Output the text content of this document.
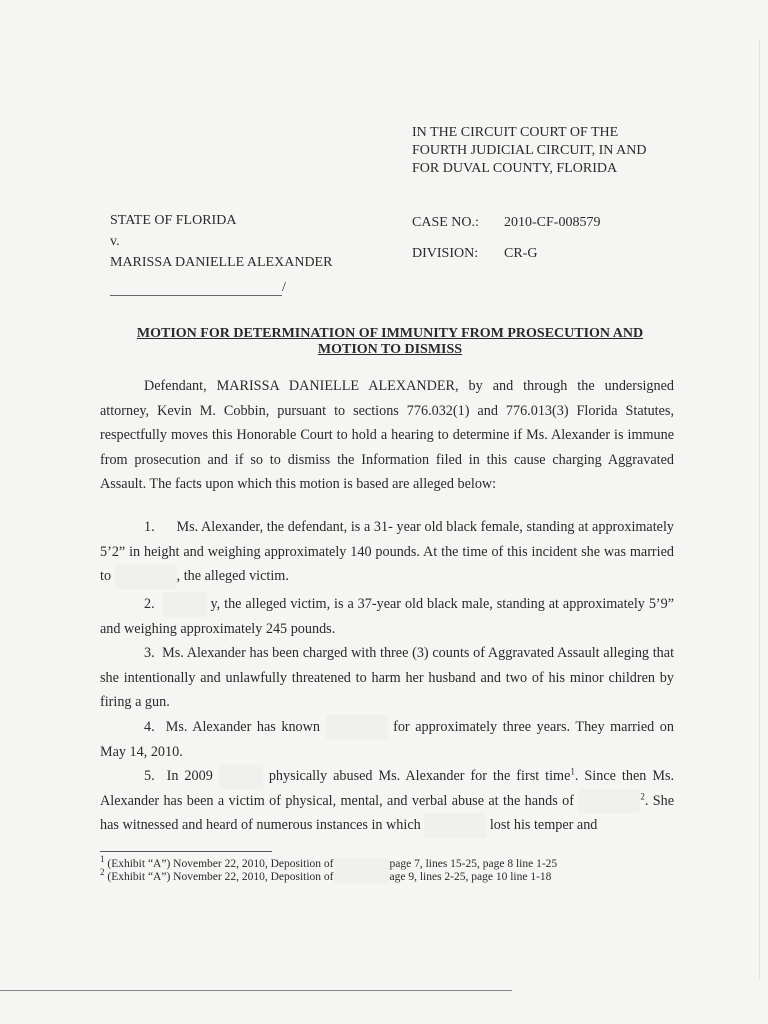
IN THE CIRCUIT COURT OF THE
FOURTH JUDICIAL CIRCUIT, IN AND
FOR DUVAL COUNTY, FLORIDA
STATE OF FLORIDA
v.
MARISSA DANIELLE ALEXANDER
CASE NO.: 2010-CF-008579
DIVISION: CR-G
/
MOTION FOR DETERMINATION OF IMMUNITY FROM PROSECUTION AND
MOTION TO DISMISS
Defendant, MARISSA DANIELLE ALEXANDER, by and through the undersigned attorney, Kevin M. Cobbin, pursuant to sections 776.032(1) and 776.013(3) Florida Statutes, respectfully moves this Honorable Court to hold a hearing to determine if Ms. Alexander is immune from prosecution and if so to dismiss the Information filed in this cause charging Aggravated Assault. The facts upon which this motion is based are alleged below:
1. Ms. Alexander, the defendant, is a 31- year old black female, standing at approximately 5’2” in height and weighing approximately 140 pounds. At the time of this incident she was married to	, the alleged victim.
2.	y, the alleged victim, is a 37-year old black male, standing at approximately 5’9” and weighing approximately 245 pounds.
3. Ms. Alexander has been charged with three (3) counts of Aggravated Assault alleging that she intentionally and unlawfully threatened to harm her husband and two of his minor children by firing a gun.
4. Ms. Alexander has known	for approximately three years. They married on May 14, 2010.
5. In 2009	physically abused Ms. Alexander for the first time$^1$. Since then Ms. Alexander has been a victim of physical, mental, and verbal abuse at the hands of	$^2$. She has witnessed and heard of numerous instances in which	lost his temper and
$^1$ (Exhibit “A”) November 22, 2010, Deposition of	page 7, lines 15-25, page 8 line 1-25
$^2$ (Exhibit “A”) November 22, 2010, Deposition of	age 9, lines 2-25, page 10 line 1-18
